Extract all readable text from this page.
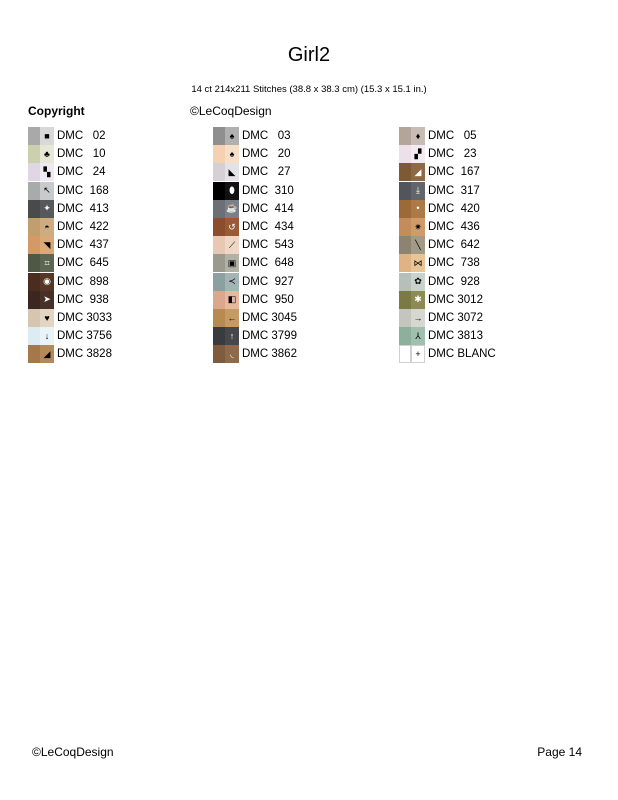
Girl2
14 ct 214x211 Stitches (38.8 x 38.3 cm) (15.3 x 15.1 in.)
Copyright	©LeCoqDesign
■ DMC   02
♣ DMC   10
▚ DMC   24
↖ DMC  168
✦ DMC  413
◓ DMC  422
◥ DMC  437
⌗ DMC  645
◉ DMC  898
➤ DMC  938
♥ DMC 3033
↓ DMC 3756
◢ DMC 3828
♠ DMC   03
♠ DMC   20
◣ DMC   27
⬮ DMC  310
☕ DMC  414
↺ DMC  434
⟋ DMC  543
▣ DMC  648
≺ DMC  927
◧ DMC  950
← DMC 3045
↑ DMC 3799
◟ DMC 3862
♦ DMC   05
▞ DMC   23
◢ DMC  167
⤓ DMC  317
• DMC  420
✷ DMC  436
╲ DMC  642
⋈ DMC  738
✿ DMC  928
✱ DMC 3012
→ DMC 3072
⅄ DMC 3813
+ DMC BLANC
©LeCoqDesign	Page 14
